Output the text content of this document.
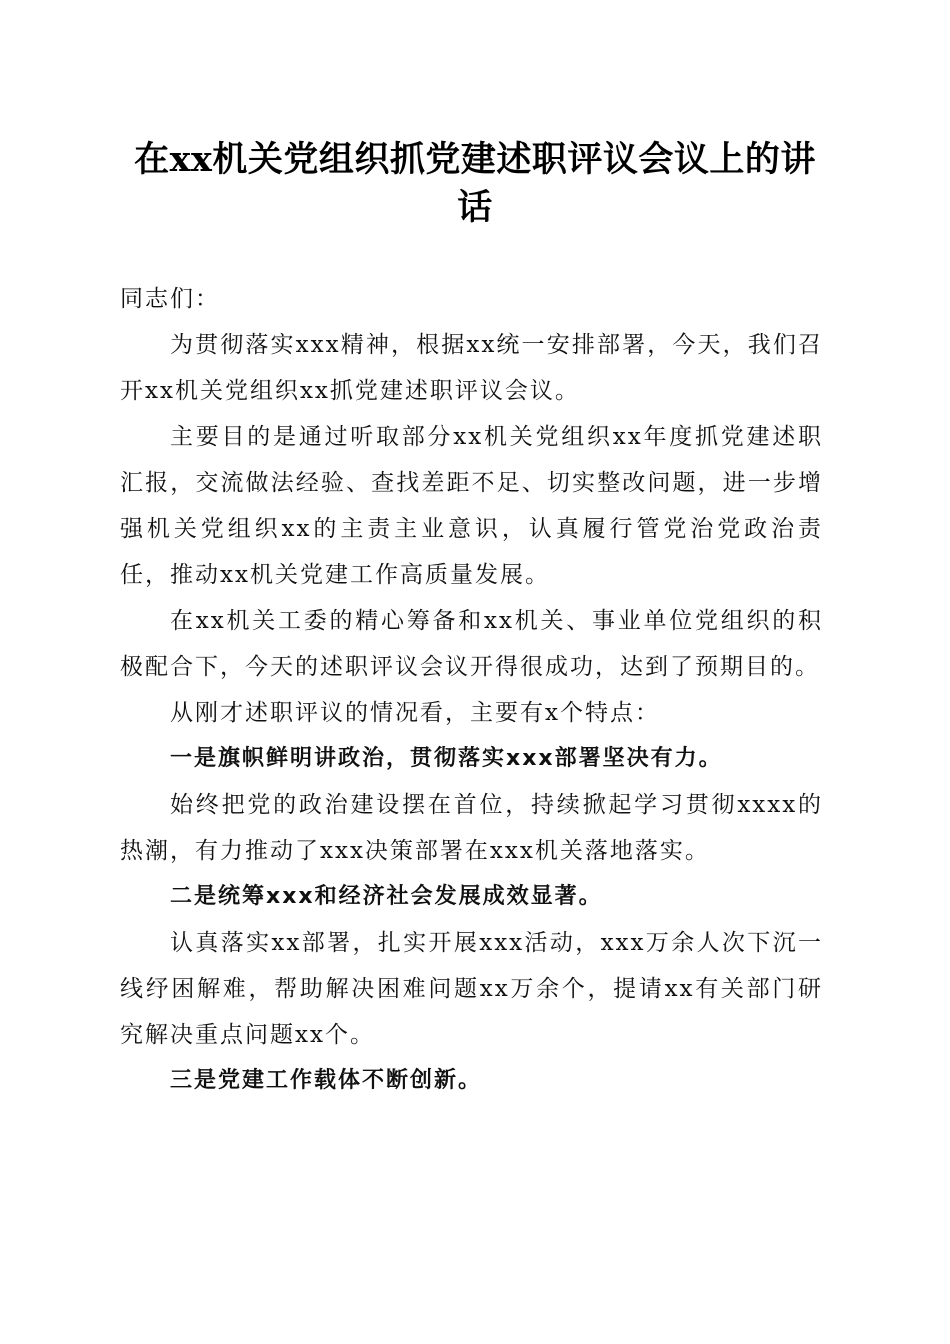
在xx机关党组织抓党建述职评议会议上的讲话

同志们：

为贯彻落实xxx精神，根据xx统一安排部署，今天，我们召开xx机关党组织xx抓党建述职评议会议。

主要目的是通过听取部分xx机关党组织xx年度抓党建述职汇报，交流做法经验、查找差距不足、切实整改问题，进一步增强机关党组织xx的主责主业意识，认真履行管党治党政治责任，推动xx机关党建工作高质量发展。

在xx机关工委的精心筹备和xx机关、事业单位党组织的积极配合下，今天的述职评议会议开得很成功，达到了预期目的。

从刚才述职评议的情况看，主要有x个特点：

一是旗帜鲜明讲政治，贯彻落实xxx部署坚决有力。

始终把党的政治建设摆在首位，持续掀起学习贯彻xxxx的热潮，有力推动了xxx决策部署在xxx机关落地落实。

二是统筹xxx和经济社会发展成效显著。

认真落实xx部署，扎实开展xxx活动，xxx万余人次下沉一线纾困解难，帮助解决困难问题xx万余个，提请xx有关部门研究解决重点问题xx个。

三是党建工作载体不断创新。
